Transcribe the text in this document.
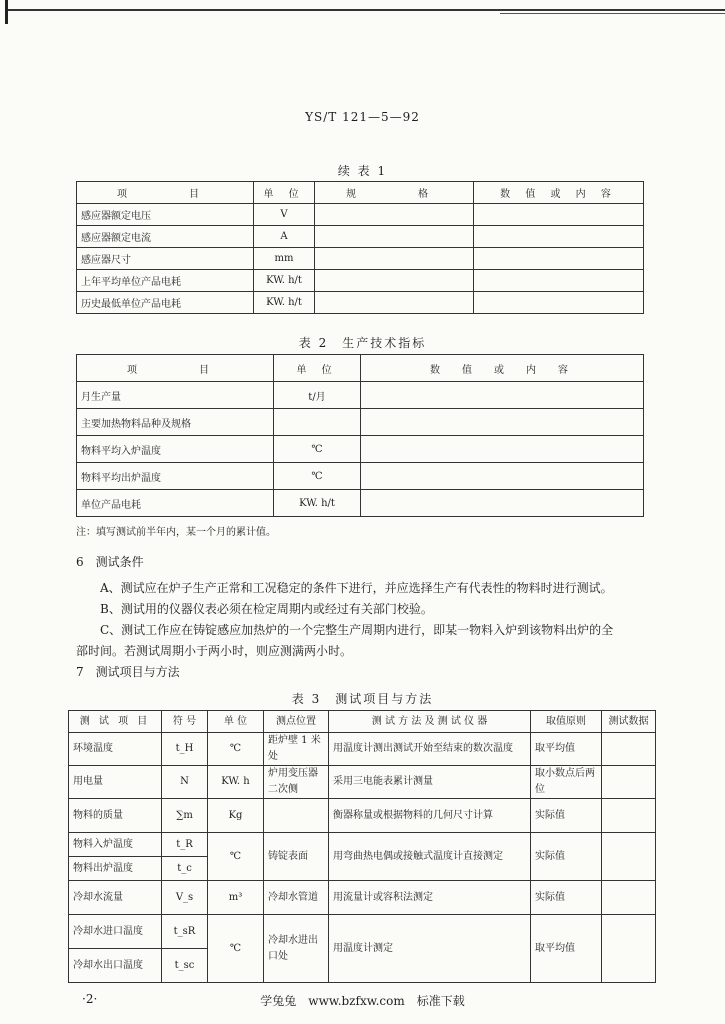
YS/T 121—5—92
续 表 1
项　　目	单 位	规　　格	数 值 或 内 容
感应器额定电压	V		
感应器额定电流	A		
感应器尺寸	mm		
上年平均单位产品电耗	KW. h/t		
历史最低单位产品电耗	KW. h/t		
表 2　生产技术指标
项　　目	单 位	数　值　或　内　容
月生产量	t/月	
主要加热物料品种及规格		
物料平均入炉温度	℃	
物料平均出炉温度	℃	
单位产品电耗	KW. h/t	
注：填写测试前半年内，某一个月的累计值。
6　测试条件
A、测试应在炉子生产正常和工况稳定的条件下进行，并应选择生产有代表性的物料时进行测试。
B、测试用的仪器仪表必须在检定周期内或经过有关部门校验。
C、测试工作应在铸锭感应加热炉的一个完整生产周期内进行，即某一物料入炉到该物料出炉的全
部时间。若测试周期小于两小时，则应测满两小时。
7　测试项目与方法
表 3　测试项目与方法
测 试 项 目	符 号	单 位	测点位置	测 试 方 法 及 测 试 仪 器	取值原则	测试数据
环境温度	t_H	℃	距炉壁 1 米处	用温度计测出测试开始至结束的数次温度	取平均值	
用电量	N	KW. h	炉用变压器二次侧	采用三电能表累计测量	取小数点后两位	
物料的质量	∑m	Kg		衡器称量或根据物料的几何尺寸计算	实际值	
物料入炉温度	t_R	℃	铸锭表面	用弯曲热电偶或接触式温度计直接测定	实际值	
物料出炉温度	t_c					
冷却水流量	V_s	m³	冷却水管道	用流量计或容积法测定	实际值	
冷却水进口温度	t_sR	℃	冷却水进出口处	用温度计测定	取平均值	
冷却水出口温度	t_sc					
·2·	学兔兔　www.bzfxw.com　标准下载
